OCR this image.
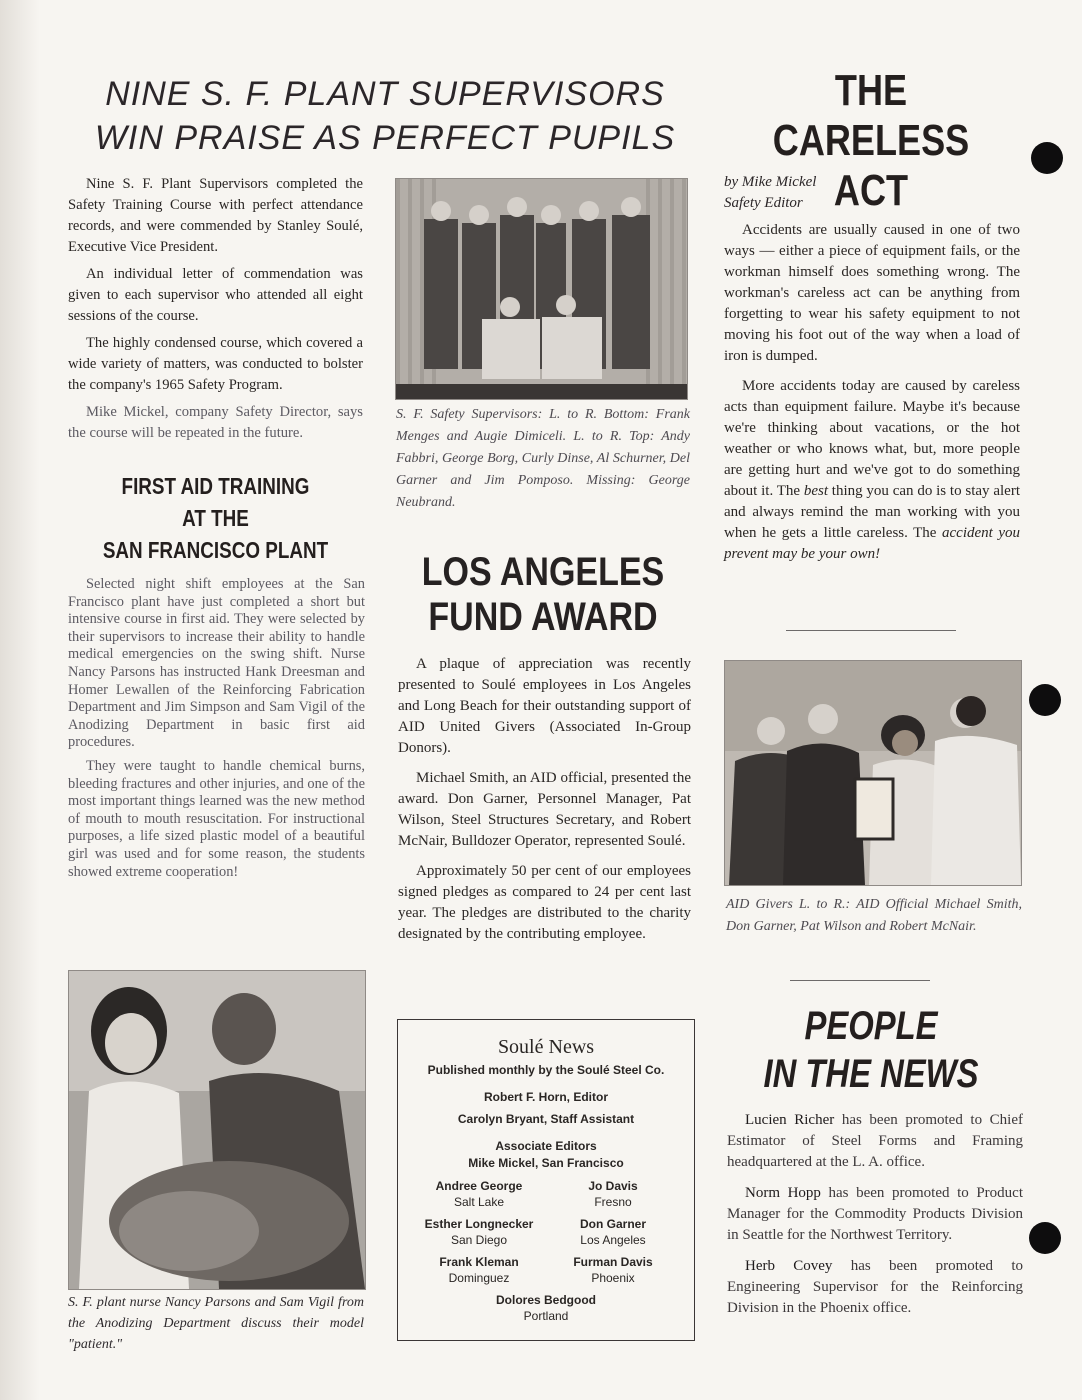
NINE S. F. PLANT SUPERVISORS
WIN PRAISE AS PERFECT PUPILS

Nine S. F. Plant Supervisors completed the Safety Training Course with perfect attendance records, and were commended by Stanley Soulé, Executive Vice President.

An individual letter of commendation was given to each supervisor who attended all eight sessions of the course.

The highly condensed course, which covered a wide variety of matters, was conducted to bolster the company's 1965 Safety Program.

Mike Mickel, company Safety Director, says the course will be repeated in the future.

FIRST AID TRAINING
AT THE
SAN FRANCISCO PLANT

Selected night shift employees at the San Francisco plant have just completed a short but intensive course in first aid. They were selected by their supervisors to increase their ability to handle medical emergencies on the swing shift. Nurse Nancy Parsons has instructed Hank Dreesman and Homer Lewallen of the Reinforcing Fabrication Department and Jim Simpson and Sam Vigil of the Anodizing Department in basic first aid procedures.

They were taught to handle chemical burns, bleeding fractures and other injuries, and one of the most important things learned was the new method of mouth to mouth resuscitation. For instructional purposes, a life sized plastic model of a beautiful girl was used and for some reason, the students showed extreme cooperation!

S. F. plant nurse Nancy Parsons and Sam Vigil from the Anodizing Department discuss their model "patient."

S. F. Safety Supervisors: L. to R. Bottom: Frank Menges and Augie Dimiceli. L. to R. Top: Andy Fabbri, George Borg, Curly Dinse, Al Schurner, Del Garner and Jim Pomposo. Missing: George Neubrand.

LOS ANGELES
FUND AWARD

A plaque of appreciation was recently presented to Soulé employees in Los Angeles and Long Beach for their outstanding support of AID United Givers (Associated In-Group Donors).

Michael Smith, an AID official, presented the award. Don Garner, Personnel Manager, Pat Wilson, Steel Structures Secretary, and Robert McNair, Bulldozer Operator, represented Soulé.

Approximately 50 per cent of our employees signed pledges as compared to 24 per cent last year. The pledges are distributed to the charity designated by the contributing employee.

Soulé News
Published monthly by the Soulé Steel Co.
Robert F. Horn, Editor
Carolyn Bryant, Staff Assistant
Associate Editors
Mike Mickel, San Francisco
Andree George
Salt Lake
Jo Davis
Fresno
Esther Longnecker
San Diego
Don Garner
Los Angeles
Frank Kleman
Dominguez
Furman Davis
Phoenix
Dolores Bedgood
Portland
THE CARELESS
ACT
by Mike Mickel
Safety Editor

Accidents are usually caused in one of two ways — either a piece of equipment fails, or the workman himself does something wrong. The workman's careless act can be anything from forgetting to wear his safety equipment to not moving his foot out of the way when a load of iron is dumped.

More accidents today are caused by careless acts than equipment failure. Maybe it's because we're thinking about vacations, or the hot weather or who knows what, but, more people are getting hurt and we've got to do something about it. The best thing you can do is to stay alert and always remind the man working with you when he gets a little careless. The accident you prevent may be your own!

AID Givers L. to R.: AID Official Michael Smith, Don Garner, Pat Wilson and Robert McNair.

PEOPLE
IN THE NEWS

Lucien Richer has been promoted to Chief Estimator of Steel Forms and Framing headquartered at the L. A. office.

Norm Hopp has been promoted to Product Manager for the Commodity Products Division in Seattle for the Northwest Territory.

Herb Covey has been promoted to Engineering Supervisor for the Reinforcing Division in the Phoenix office.
